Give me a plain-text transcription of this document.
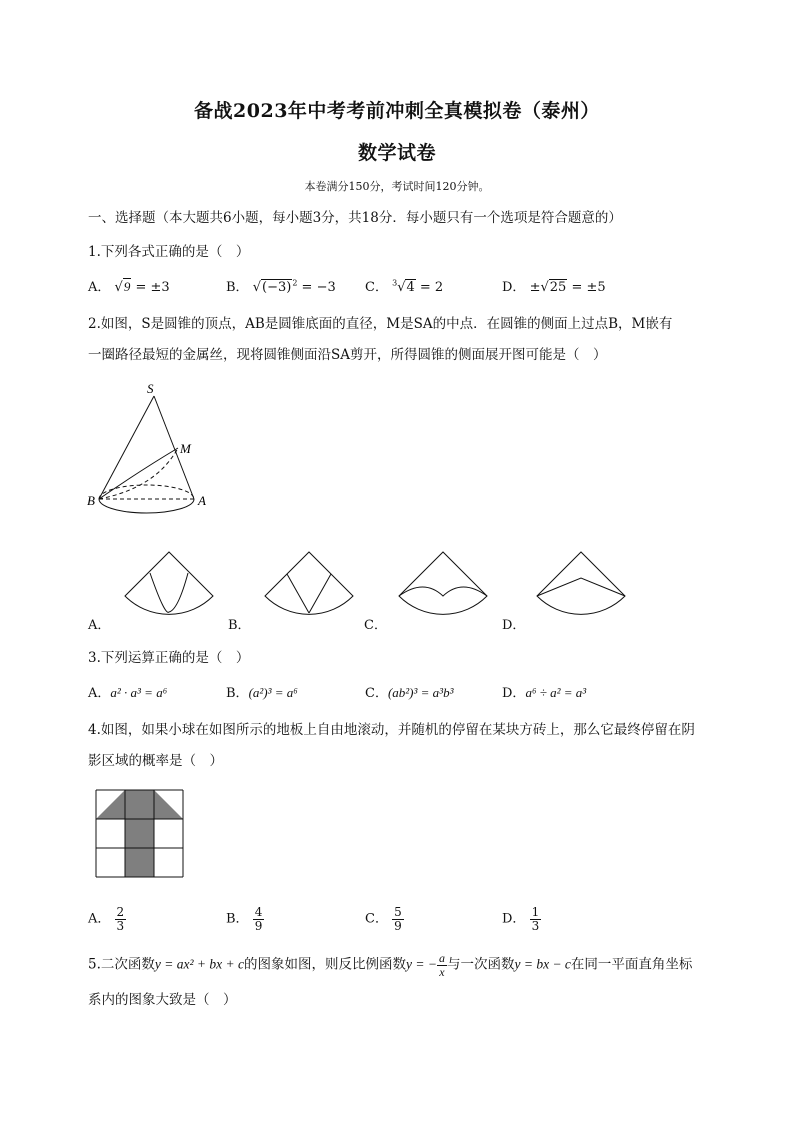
备战2023年中考考前冲刺全真模拟卷（泰州）
数学试卷
本卷满分150分，考试时间120分钟。
一、选择题（本大题共6小题，每小题3分，共18分．每小题只有一个选项是符合题意的）
1.下列各式正确的是（　）
A． √9 = ±3	B． $√(-3)^2 = -3$ C． $^3$√4 = 2	D． ±√25 = ±5
2.如图，S是圆锥的顶点，AB是圆锥底面的直径，M是SA的中点．在圆锥的侧面上过点B，M嵌有
一圈路径最短的金属丝，现将圆锥侧面沿SA剪开，所得圆锥的侧面展开图可能是（　）
S
M
B	A
A．	B．	C．	D．
3.下列运算正确的是（　）
A．a² · a³ = a⁶	B．(a²)³ = a⁶	C．(ab²)³ = a³b³	D．a⁶ ÷ a² = a³
4.如图，如果小球在如图所示的地板上自由地滚动，并随机的停留在某块方砖上，那么它最终停留在阴
影区域的概率是（　）
A． $\frac{2}{3}$	B． $\frac{4}{9}$	C． $\frac{5}{9}$	D． $\frac{1}{3}$
5.二次函数y = ax² + bx + c的图象如图，则反比例函数y = − $\frac{a}{x}$ 与一次函数y = bx − c在同一平面直角坐标
系内的图象大致是（　）
